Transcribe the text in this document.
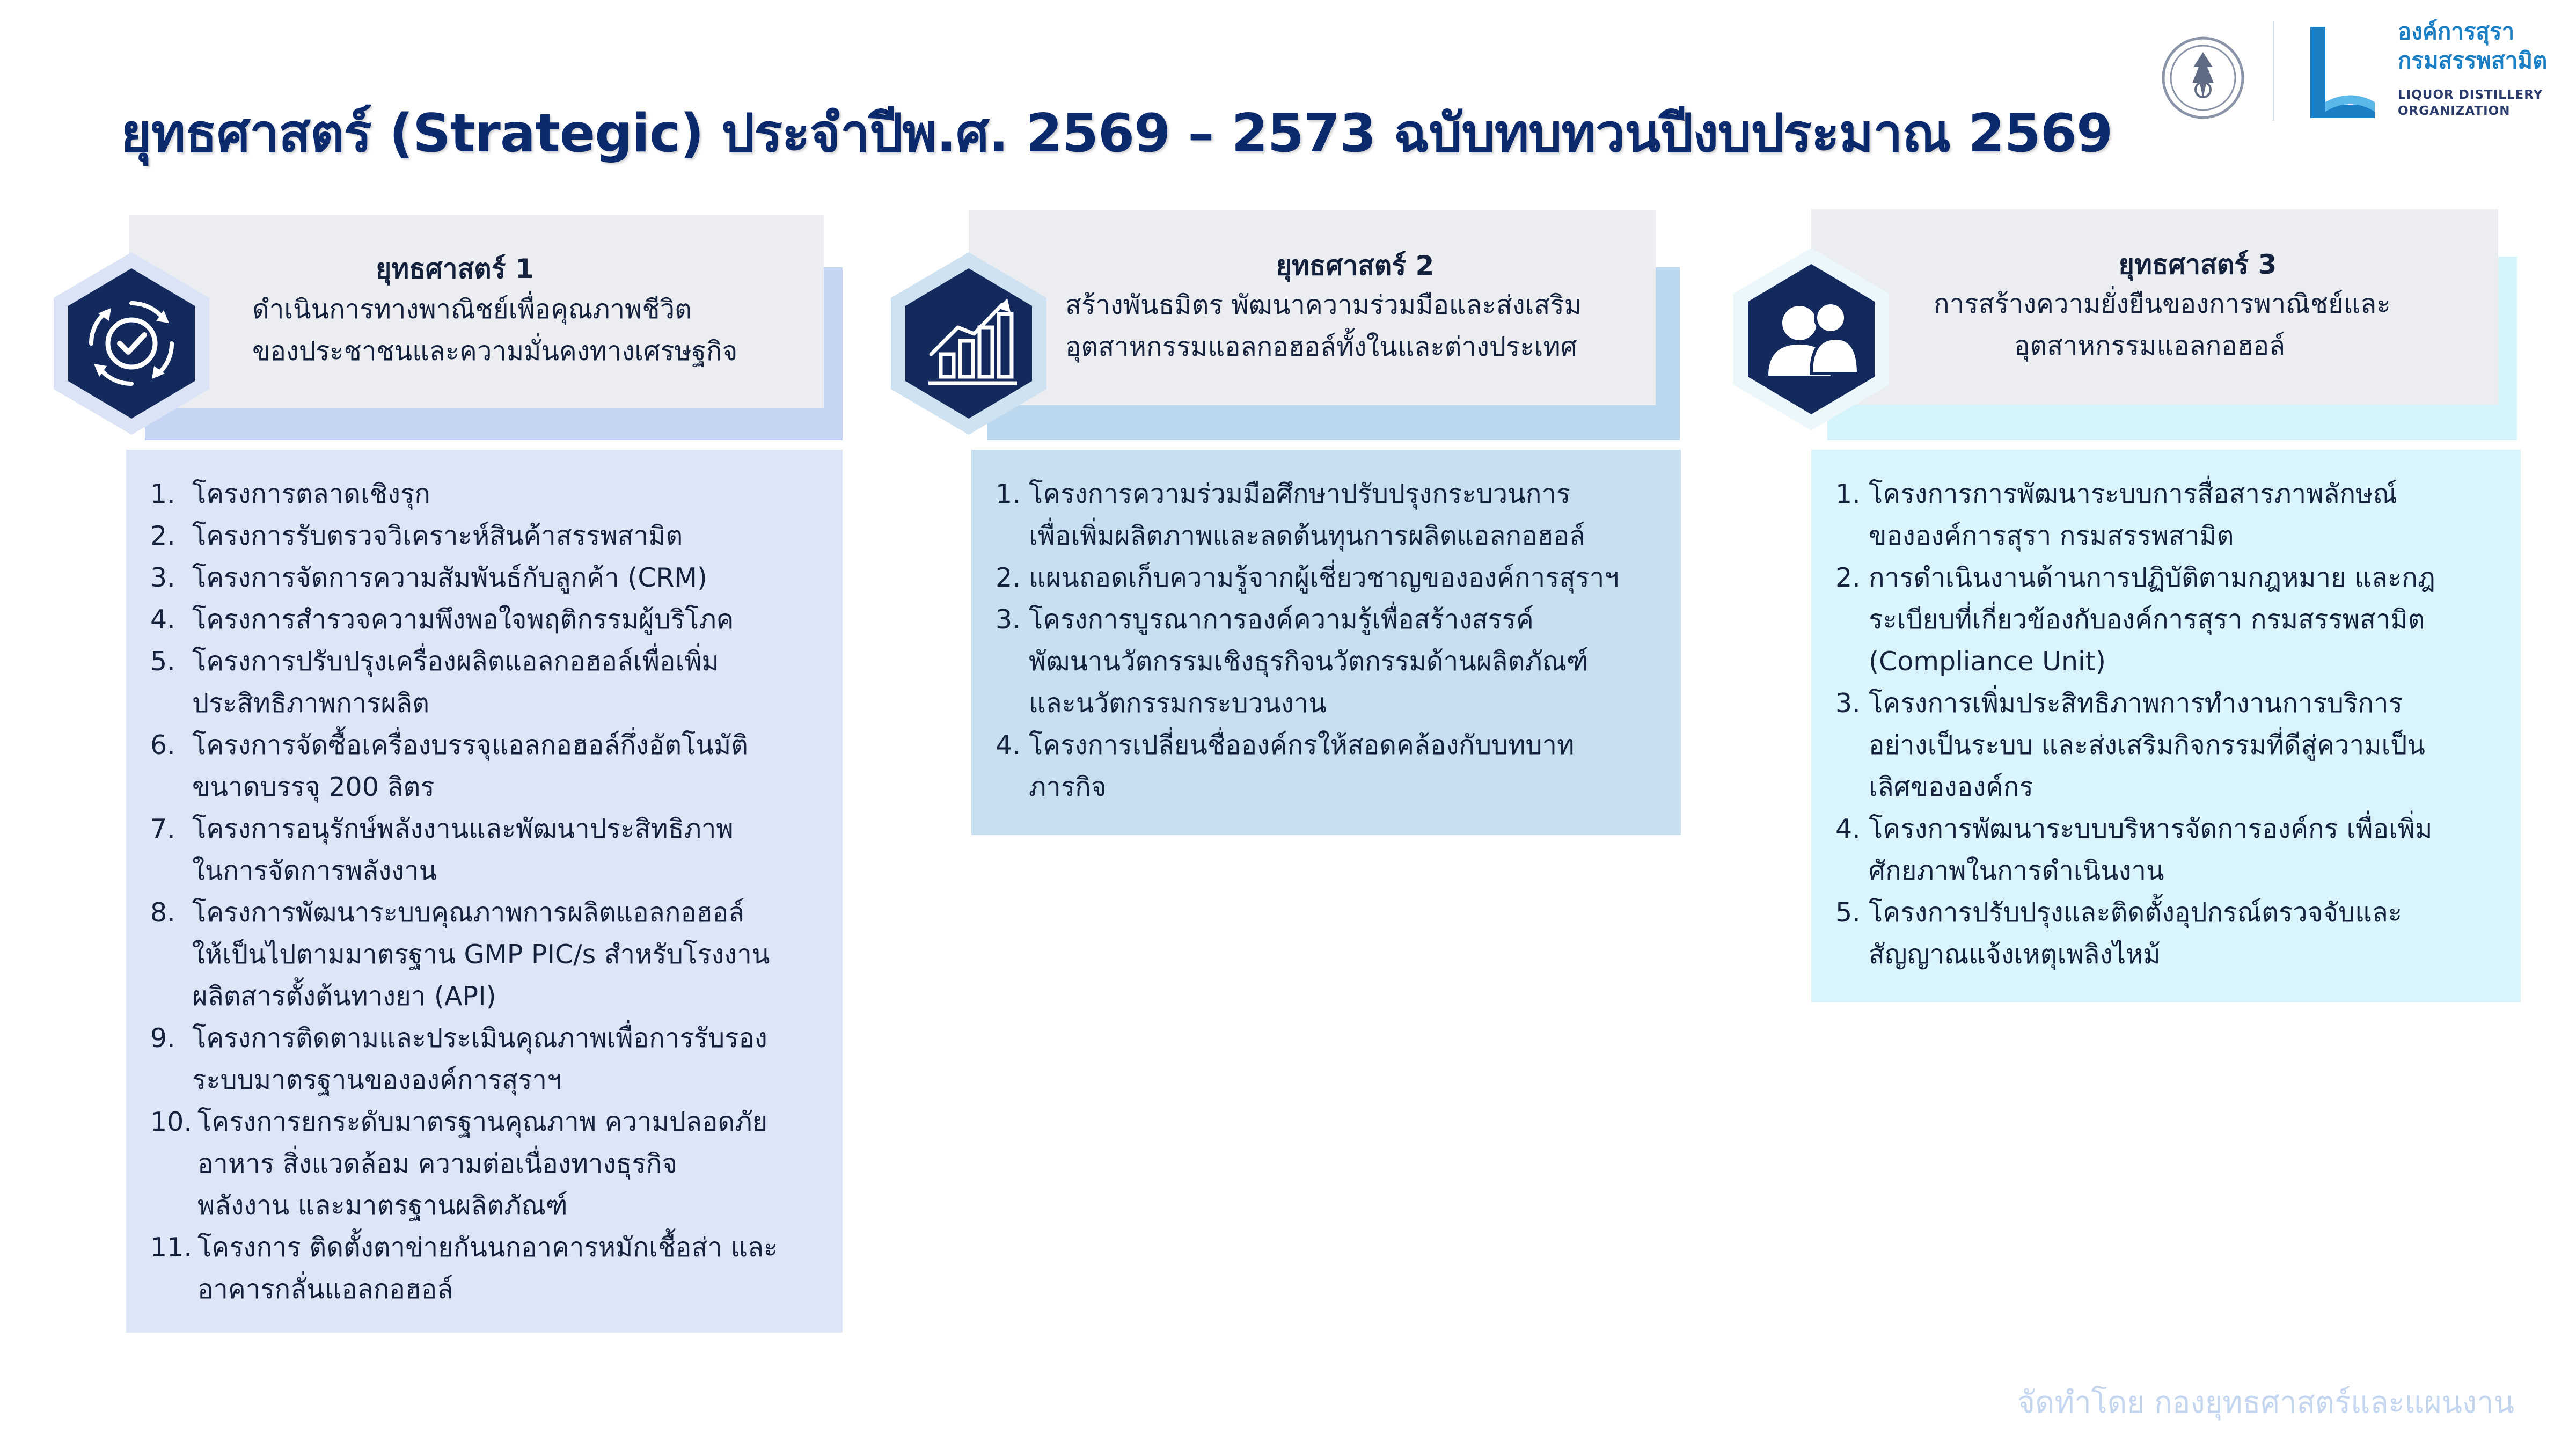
ยุทธศาสตร์ (Strategic) ประจำปีพ.ศ. 2569 – 2573 ฉบับทบทวนปีงบประมาณ 2569
องค์การสุรา
กรมสรรพสามิต
LIQUOR DISTILLERY
ORGANIZATION
ยุทธศาสตร์ 1
ดำเนินการทางพาณิชย์เพื่อคุณภาพชีวิต
ของประชาชนและความมั่นคงทางเศรษฐกิจ
1. โครงการตลาดเชิงรุก
2. โครงการรับตรวจวิเคราะห์สินค้าสรรพสามิต
3. โครงการจัดการความสัมพันธ์กับลูกค้า (CRM)
4. โครงการสำรวจความพึงพอใจพฤติกรรมผู้บริโภค
5. โครงการปรับปรุงเครื่องผลิตแอลกอฮอล์เพื่อเพิ่ม
ประสิทธิภาพการผลิต
6. โครงการจัดซื้อเครื่องบรรจุแอลกอฮอล์กึ่งอัตโนมัติ
ขนาดบรรจุ 200 ลิตร
7. โครงการอนุรักษ์พลังงานและพัฒนาประสิทธิภาพ
ในการจัดการพลังงาน
8. โครงการพัฒนาระบบคุณภาพการผลิตแอลกอฮอล์
ให้เป็นไปตามมาตรฐาน GMP PIC/s สำหรับโรงงาน
ผลิตสารตั้งต้นทางยา (API)
9. โครงการติดตามและประเมินคุณภาพเพื่อการรับรอง
ระบบมาตรฐานขององค์การสุราฯ
10. โครงการยกระดับมาตรฐานคุณภาพ ความปลอดภัย
อาหาร สิ่งแวดล้อม ความต่อเนื่องทางธุรกิจ
พลังงาน และมาตรฐานผลิตภัณฑ์
11. โครงการ ติดตั้งตาข่ายกันนกอาคารหมักเชื้อส่า และ
อาคารกลั่นแอลกอฮอล์
ยุทธศาสตร์ 2
สร้างพันธมิตร พัฒนาความร่วมมือและส่งเสริม
อุตสาหกรรมแอลกอฮอล์ทั้งในและต่างประเทศ
1. โครงการความร่วมมือศึกษาปรับปรุงกระบวนการ
เพื่อเพิ่มผลิตภาพและลดต้นทุนการผลิตแอลกอฮอล์
2. แผนถอดเก็บความรู้จากผู้เชี่ยวชาญขององค์การสุราฯ
3. โครงการบูรณาการองค์ความรู้เพื่อสร้างสรรค์
พัฒนานวัตกรรมเชิงธุรกิจนวัตกรรมด้านผลิตภัณฑ์
และนวัตกรรมกระบวนงาน
4. โครงการเปลี่ยนชื่อองค์กรให้สอดคล้องกับบทบาท
ภารกิจ
ยุทธศาสตร์ 3
การสร้างความยั่งยืนของการพาณิชย์และ
อุตสาหกรรมแอลกอฮอล์
1. โครงการการพัฒนาระบบการสื่อสารภาพลักษณ์
ขององค์การสุรา กรมสรรพสามิต
2. การดำเนินงานด้านการปฏิบัติตามกฎหมาย และกฎ
ระเบียบที่เกี่ยวข้องกับองค์การสุรา กรมสรรพสามิต
(Compliance Unit)
3. โครงการเพิ่มประสิทธิภาพการทำงานการบริการ
อย่างเป็นระบบ และส่งเสริมกิจกรรมที่ดีสู่ความเป็น
เลิศขององค์กร
4. โครงการพัฒนาระบบบริหารจัดการองค์กร เพื่อเพิ่ม
ศักยภาพในการดำเนินงาน
5. โครงการปรับปรุงและติดตั้งอุปกรณ์ตรวจจับและ
สัญญาณแจ้งเหตุเพลิงไหม้
จัดทำโดย กองยุทธศาสตร์และแผนงาน
